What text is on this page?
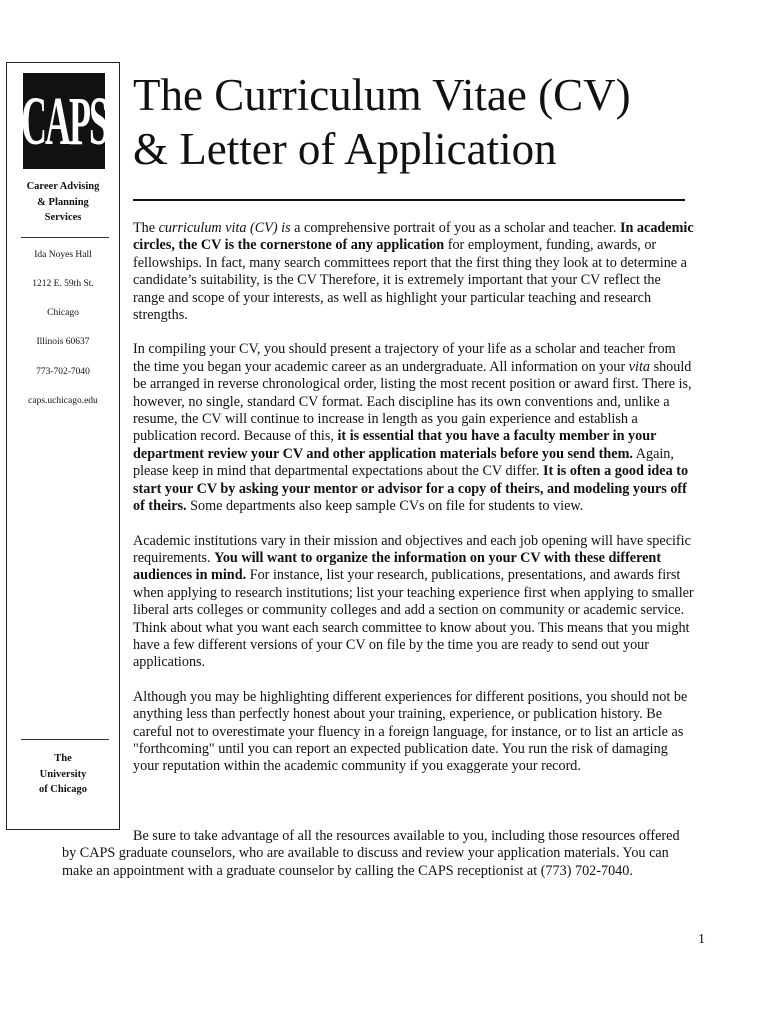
CAPS
Career Advising
& Planning
Services
Ida Noyes Hall
1212 E. 59th St.
Chicago
Illinois 60637
773-702-7040
caps.uchicago.edu
The
University
of Chicago
The Curriculum Vitae (CV)
& Letter of Application

The curriculum vita (CV) is a comprehensive portrait of you as a scholar and teacher. In academic circles, the CV is the cornerstone of any application for employment, funding, awards, or fellowships. In fact, many search committees report that the first thing they look at to determine a candidate’s suitability, is the CV Therefore, it is extremely important that your CV reflect the range and scope of your interests, as well as highlight your particular teaching and research strengths.

In compiling your CV, you should present a trajectory of your life as a scholar and teacher from the time you began your academic career as an undergraduate. All information on your vita should be arranged in reverse chronological order, listing the most recent position or award first. There is, however, no single, standard CV format. Each discipline has its own conventions and, unlike a resume, the CV will continue to increase in length as you gain experience and establish a publication record. Because of this, it is essential that you have a faculty member in your department review your CV and other application materials before you send them. Again, please keep in mind that departmental expectations about the CV differ. It is often a good idea to start your CV by asking your mentor or advisor for a copy of theirs, and modeling yours off of theirs. Some departments also keep sample CVs on file for students to view.

Academic institutions vary in their mission and objectives and each job opening will have specific requirements. You will want to organize the information on your CV with these different audiences in mind. For instance, list your research, publications, presentations, and awards first when applying to research institutions; list your teaching experience first when applying to smaller liberal arts colleges or community colleges and add a section on community or academic service. Think about what you want each search committee to know about you. This means that you might have a few different versions of your CV on file by the time you are ready to send out your applications.

Although you may be highlighting different experiences for different positions, you should not be anything less than perfectly honest about your training, experience, or publication history. Be careful not to overestimate your fluency in a foreign language, for instance, or to list an article as "forthcoming" until you can report an expected publication date. You run the risk of damaging your reputation within the academic community if you exaggerate your record.

Be sure to take advantage of all the resources available to you, including those resources offered by CAPS graduate counselors, who are available to discuss and review your application materials. You can make an appointment with a graduate counselor by calling the CAPS receptionist at (773) 702-7040.

1
